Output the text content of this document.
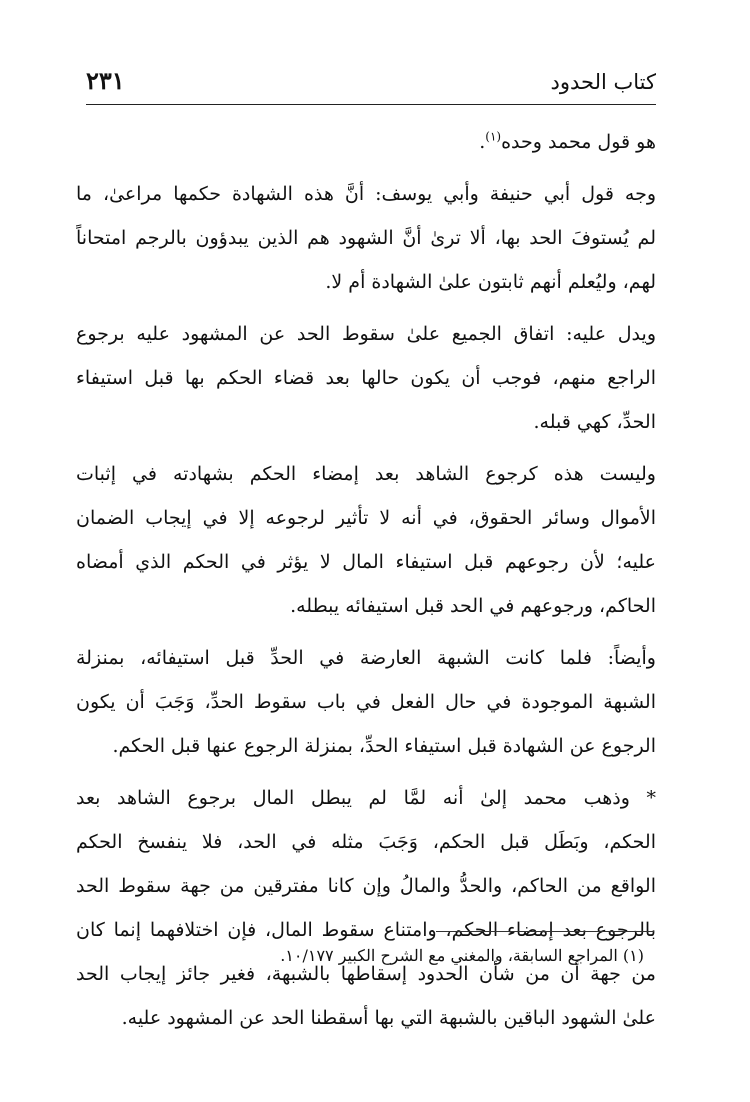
كتاب الحدود
٢٣١
هو قول محمد وحده$^{(١)}$.
وجه قول أبي حنيفة وأبي يوسف: أنَّ هذه الشهادة حكمها مراعىٰ، ما
لم يُستوفَ الحد بها، ألا ترىٰ أنَّ الشهود هم الذين يبدؤون بالرجم امتحاناً
لهم، وليُعلم أنهم ثابتون علىٰ الشهادة أم لا.
ويدل عليه: اتفاق الجميع علىٰ سقوط الحد عن المشهود عليه برجوع
الراجع منهم، فوجب أن يكون حالها بعد قضاء الحكم بها قبل استيفاء
الحدِّ، كهي قبله.
وليست هذه كرجوع الشاهد بعد إمضاء الحكم بشهادته في إثبات
الأموال وسائر الحقوق، في أنه لا تأثير لرجوعه إلا في إيجاب الضمان
عليه؛ لأن رجوعهم قبل استيفاء المال لا يؤثر في الحكم الذي أمضاه
الحاكم، ورجوعهم في الحد قبل استيفائه يبطله.
وأيضاً: فلما كانت الشبهة العارضة في الحدِّ قبل استيفائه، بمنزلة
الشبهة الموجودة في حال الفعل في باب سقوط الحدِّ، وَجَبَ أن يكون
الرجوع عن الشهادة قبل استيفاء الحدِّ، بمنزلة الرجوع عنها قبل الحكم.
* وذهب محمد إلىٰ أنه لمَّا لم يبطل المال برجوع الشاهد بعد
الحكم، وبَطَل قبل الحكم، وَجَبَ مثله في الحد، فلا ينفسخ الحكم
الواقع من الحاكم، والحدُّ والمالُ وإن كانا مفترقين من جهة سقوط الحد
بالرجوع بعد إمضاء الحكم، وامتناع سقوط المال، فإن اختلافهما إنما كان
من جهة أن من شأن الحدود إسقاطها بالشبهة، فغير جائز إيجاب الحد
علىٰ الشهود الباقين بالشبهة التي بها أسقطنا الحد عن المشهود عليه.
(١) المراجع السابقة، والمغني مع الشرح الكبير ١٠/١٧٧.
